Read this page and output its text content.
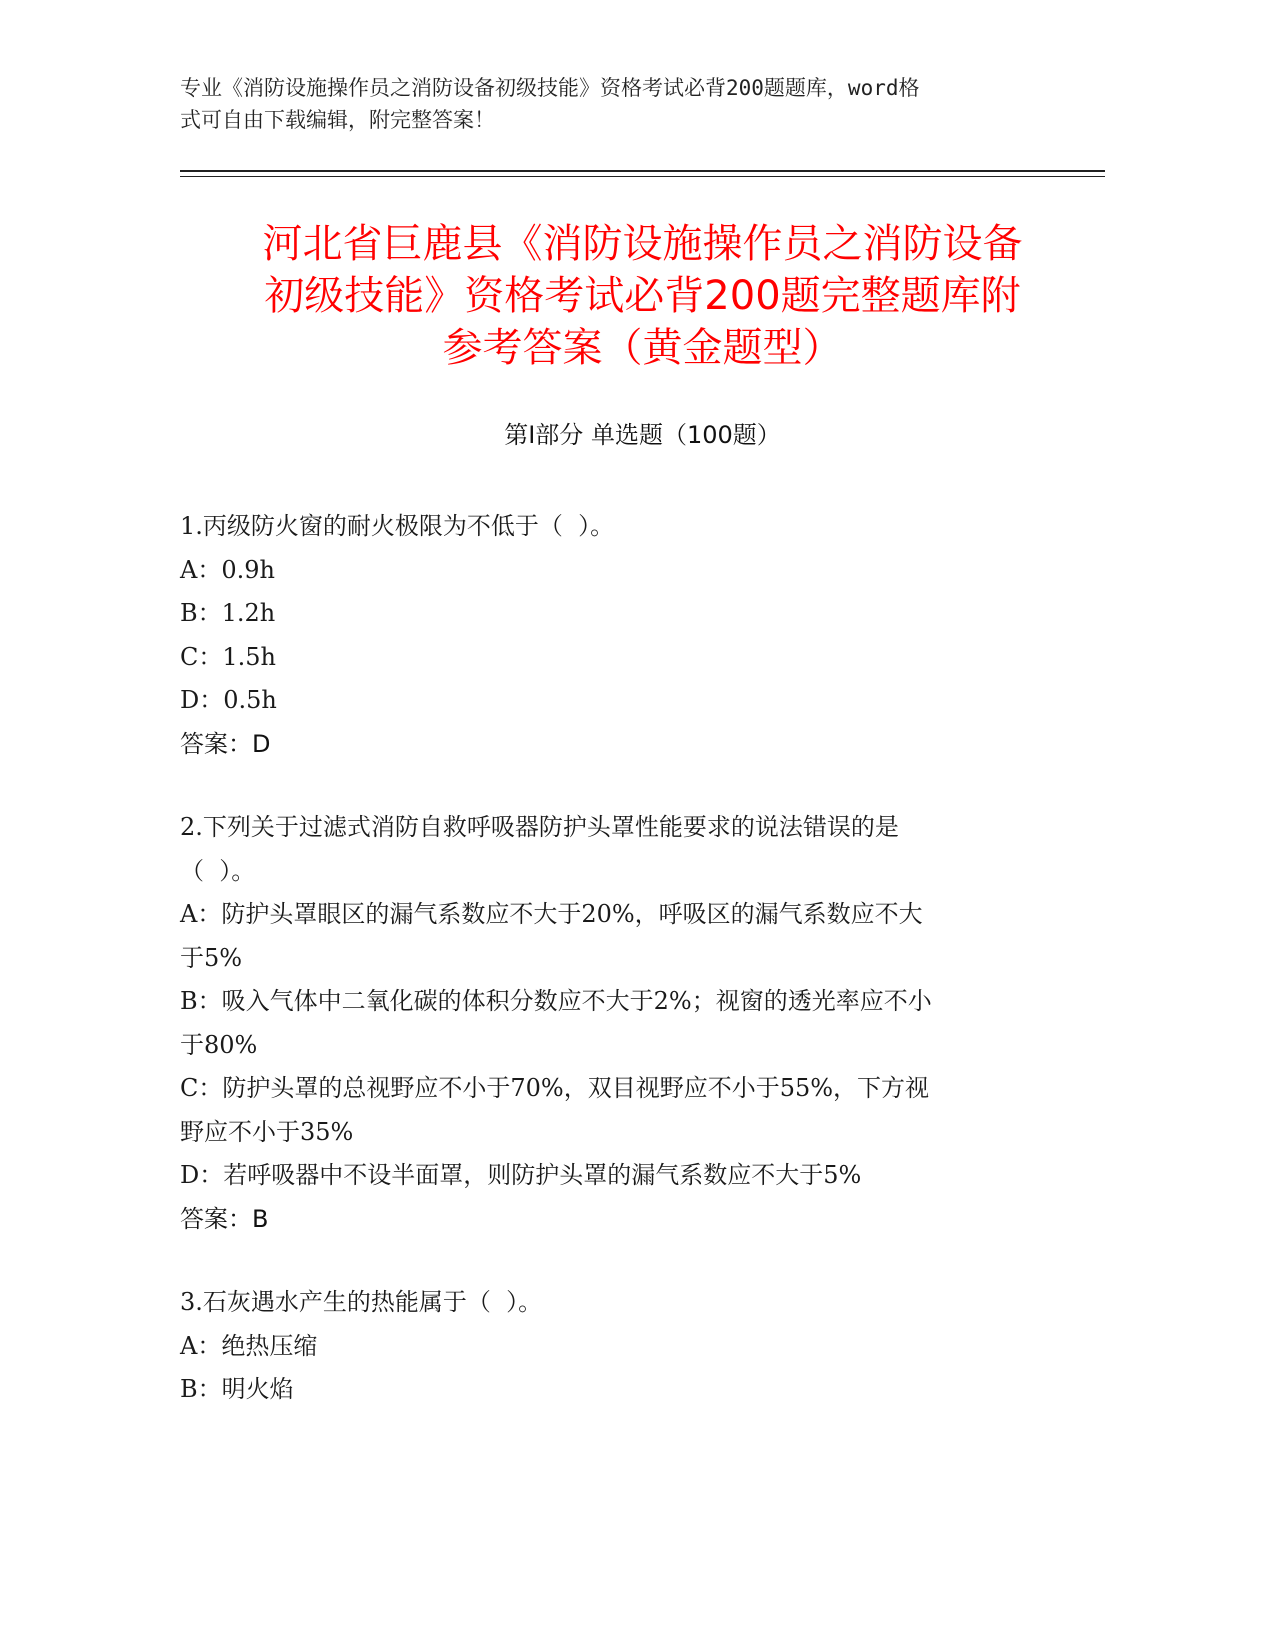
专业《消防设施操作员之消防设备初级技能》资格考试必背200题题库，word格
式可自由下载编辑，附完整答案！
河北省巨鹿县《消防设施操作员之消防设备
初级技能》资格考试必背200题完整题库附
参考答案（黄金题型）
第Ⅰ部分 单选题（100题）
1.丙级防火窗的耐火极限为不低于（  ）。
A：0.9h
B：1.2h
C：1.5h
D：0.5h
答案：D
2.下列关于过滤式消防自救呼吸器防护头罩性能要求的说法错误的是
（  ）。
A：防护头罩眼区的漏气系数应不大于20%，呼吸区的漏气系数应不大
于5%
B：吸入气体中二氧化碳的体积分数应不大于2%；视窗的透光率应不小
于80%
C：防护头罩的总视野应不小于70%，双目视野应不小于55%，下方视
野应不小于35%
D：若呼吸器中不设半面罩，则防护头罩的漏气系数应不大于5%
答案：B
3.石灰遇水产生的热能属于（  ）。
A：绝热压缩
B：明火焰
